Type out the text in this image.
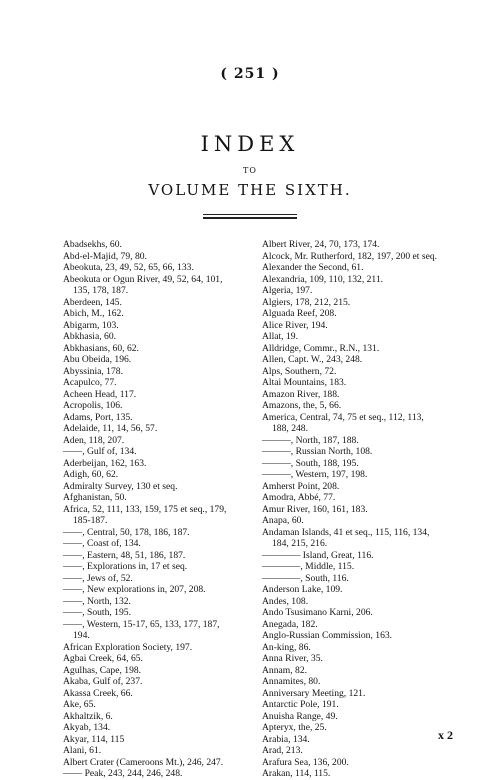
( 251 )
INDEX
TO
VOLUME THE SIXTH.
Abadsekhs, 60.
Abd-el-Majid, 79, 80.
Abeokuta, 23, 49, 52, 65, 66, 133.
Abeokuta or Ogun River, 49, 52, 64, 101,
135, 178, 187.
Aberdeen, 145.
Abich, M., 162.
Abigarm, 103.
Abkhasia, 60.
Abkhasians, 60, 62.
Abu Obeida, 196.
Abyssinia, 178.
Acapulco, 77.
Acheen Head, 117.
Acropolis, 106.
Adams, Port, 135.
Adelaide, 11, 14, 56, 57.
Aden, 118, 207.
——, Gulf of, 134.
Aderbeijan, 162, 163.
Adigh, 60, 62.
Admiralty Survey, 130 et seq.
Afghanistan, 50.
Africa, 52, 111, 133, 159, 175 et seq., 179,
185-187.
——, Central, 50, 178, 186, 187.
——, Coast of, 134.
——, Eastern, 48, 51, 186, 187.
——, Explorations in, 17 et seq.
——, Jews of, 52.
——, New explorations in, 207, 208.
——, North, 132.
——, South, 195.
——, Western, 15-17, 65, 133, 177, 187,
194.
African Exploration Society, 197.
Agbai Creek, 64, 65.
Agulhas, Cape, 198.
Akaba, Gulf of, 237.
Akassa Creek, 66.
Ake, 65.
Akhaltzik, 6.
Akyab, 134.
Akyar, 114, 115
Alani, 61.
Albert Crater (Cameroons Mt.), 246, 247.
—— Peak, 243, 244, 246, 248.
Albert River, 24, 70, 173, 174.
Alcock, Mr. Rutherford, 182, 197, 200 et seq.
Alexander the Second, 61.
Alexandria, 109, 110, 132, 211.
Algeria, 197.
Algiers, 178, 212, 215.
Alguada Reef, 208.
Alice River, 194.
Allat, 19.
Alldridge, Commr., R.N., 131.
Allen, Capt. W., 243, 248.
Alps, Southern, 72.
Altai Mountains, 183.
Amazon River, 188.
Amazons, the, 5, 66.
America, Central, 74, 75 et seq., 112, 113,
188, 248.
———, North, 187, 188.
———, Russian North, 108.
———, South, 188, 195.
———, Western, 197, 198.
Amherst Point, 208.
Amodra, Abbé, 77.
Amur River, 160, 161, 183.
Anapa, 60.
Andaman Islands, 41 et seq., 115, 116, 134,
184, 215, 216.
———— Island, Great, 116.
————, Middle, 115.
————, South, 116.
Anderson Lake, 109.
Andes, 108.
Ando Tsusimano Karni, 206.
Anegada, 182.
Anglo-Russian Commission, 163.
An-king, 86.
Anna River, 35.
Annam, 82.
Annamites, 80.
Anniversary Meeting, 121.
Antarctic Pole, 191.
Anuisha Range, 49.
Apteryx, the, 25.
Arabia, 134.
Arad, 213.
Arafura Sea, 136, 200.
Arakan, 114, 115.
x 2
